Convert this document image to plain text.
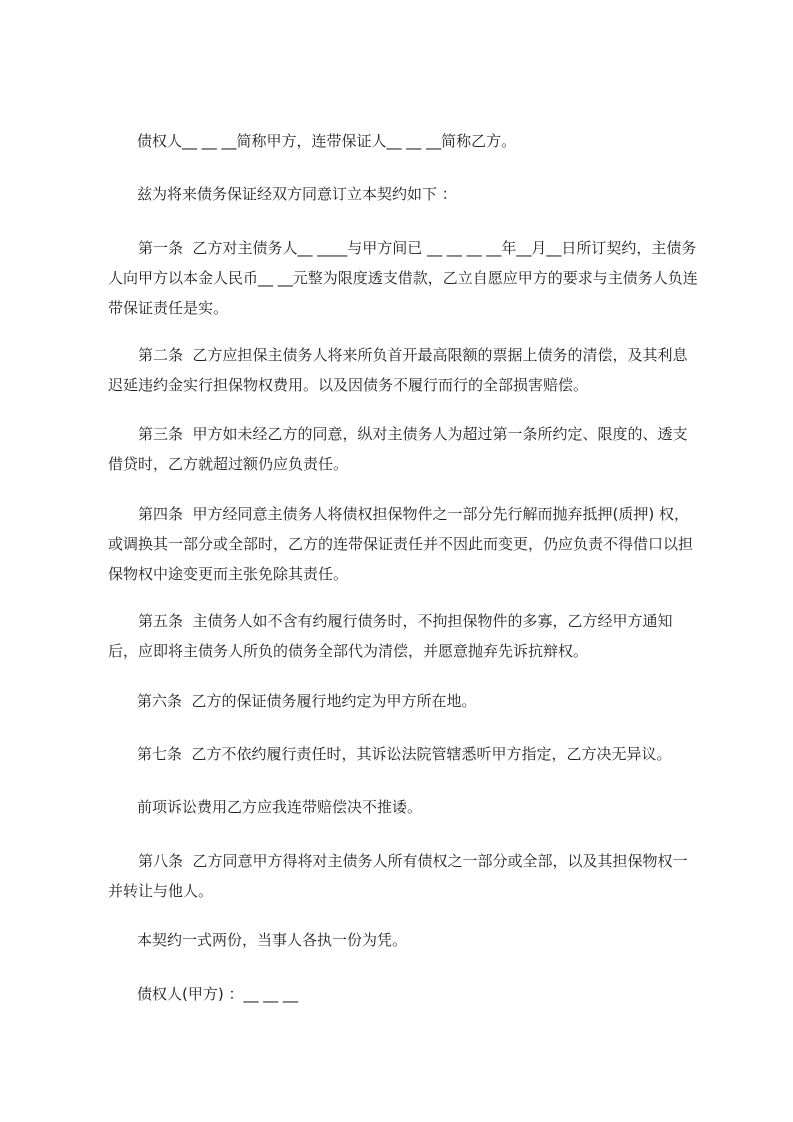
债权人__ __ __简称甲方，连带保证人__ __ __简称乙方。

兹为将来债务保证经双方同意订立本契约如下 ：

第一条  乙方对主债务人__ ____与甲方间已 __ __ __ __年__月__日所订契约，主债务人向甲方以本金人民币__ __元整为限度透支借款，乙立自愿应甲方的要求与主债务人负连带保证责任是实。

第二条  乙方应担保主债务人将来所负首开最高限额的票据上债务的清偿，及其利息迟延违约金实行担保物权费用。以及因债务不履行而行的全部损害赔偿。

第三条  甲方如未经乙方的同意，纵对主债务人为超过第一条所约定、限度的、透支借贷时，乙方就超过额仍应负责任。

第四条  甲方经同意主债务人将债权担保物件之一部分先行解而抛弃抵押(质押) 权，或调换其一部分或全部时，乙方的连带保证责任并不因此而变更，仍应负责不得借口以担保物权中途变更而主张免除其责任。

第五条  主债务人如不含有约履行债务时，不拘担保物件的多寡，乙方经甲方通知后，应即将主债务人所负的债务全部代为清偿，并愿意抛弃先诉抗辩权。

第六条  乙方的保证债务履行地约定为甲方所在地。

第七条  乙方不依约履行责任时，其诉讼法院管辖悉听甲方指定，乙方决无异议。

前项诉讼费用乙方应我连带赔偿决不推诿。

第八条  乙方同意甲方得将对主债务人所有债权之一部分或全部，以及其担保物权一并转让与他人。

本契约一式两份，当事人各执一份为凭。

债权人(甲方) ：__ __ __
